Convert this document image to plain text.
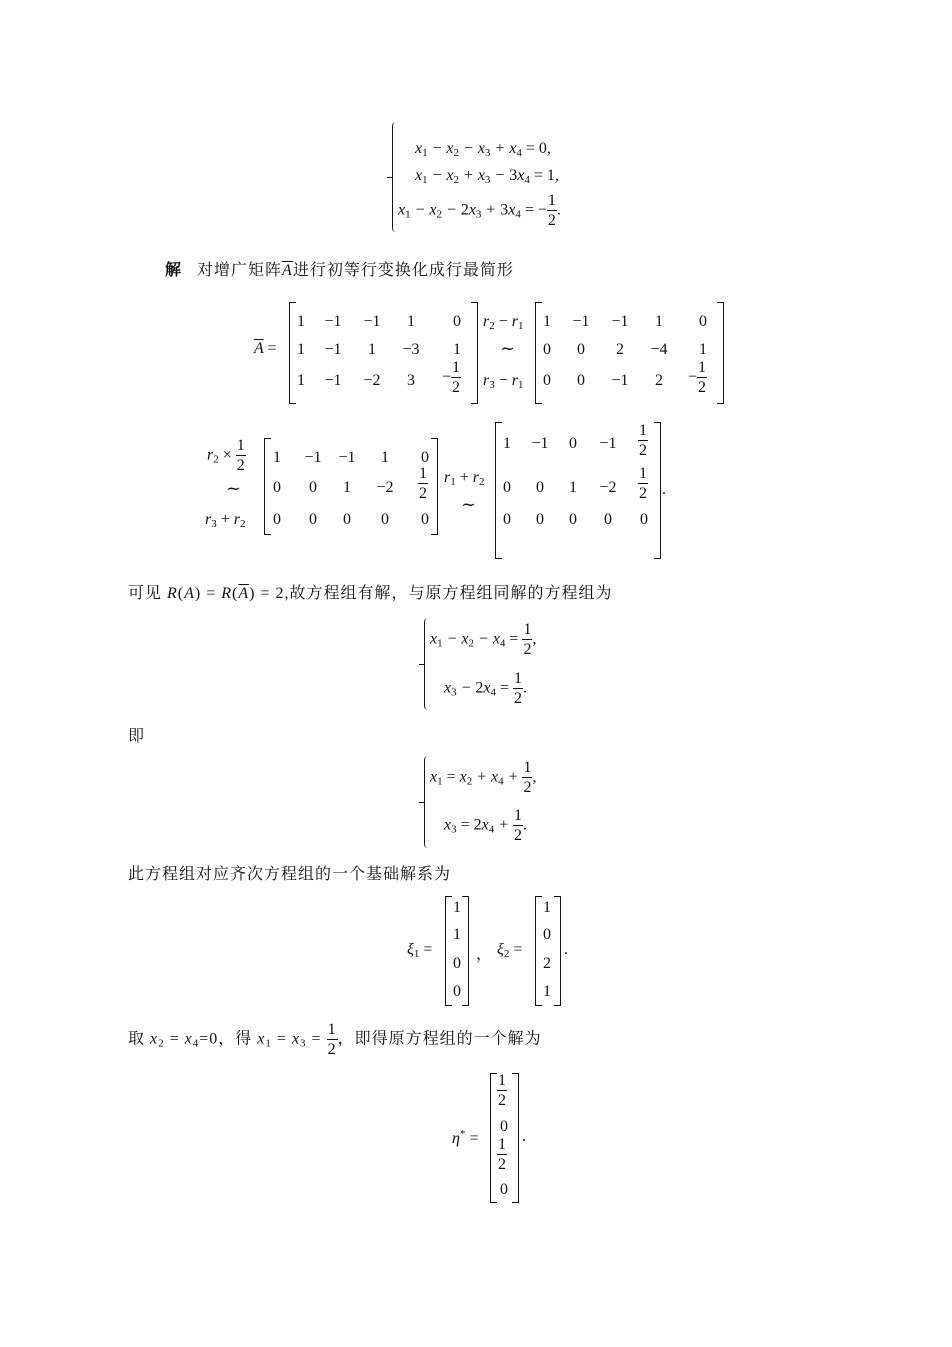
$x_1 - x_2 - x_3 + x_4 = 0$,
$x_1 - x_2 + x_3 - 3x_4 = 1$,
$x_1 - x_2 - 2x_3 + 3x_4$ = − $\frac{1}{2}$ .
解 对增广矩阵$\overline{A}$进行初等行变换化成行最简形
$\overline{A}$ =
1	−1	−1	1	0
1	−1	1	−3	1
1	−1	−2	3	− $\frac{1}{2}$
$r_2 - r_1$
~
$r_3 - r_1$
1	−1	−1	1	0
0	0	2	−4	1
0	0	−1	2	− $\frac{1}{2}$
$r_2 \times \frac{1}{2}$
~
$r_3 + r_2$
1	−1	−1	1	0
0	0	1	−2	$\frac{1}{2}$
0	0	0	0	0
$r_1 + r_2$
~
1	−1	0	−1	$\frac{1}{2}$
0	0	1	−2	$\frac{1}{2}$
0	0	0	0	0
.
可见 $R(A) = R(\overline{A}) = 2$,故方程组有解，与原方程组同解的方程组为
$x_1 - x_2 - x_4 = \frac{1}{2}$ ,
$x_3 - 2x_4 = \frac{1}{2}$ .
即
$x_1 = x_2 + x_4 + \frac{1}{2}$ ,
$x_3 = 2x_4 + \frac{1}{2}$ .
此方程组对应齐次方程组的一个基础解系为
$\xi_1$ =
1
1
0
0
， $\xi_2$ =
1
0
2
1
.
取 $x_2 = x_4=0$，得 $x_1 = x_3 = \frac{1}{2}$ ，即得原方程组的一个解为
η* =
$\frac{1}{2}$
0
$\frac{1}{2}$
0
.
